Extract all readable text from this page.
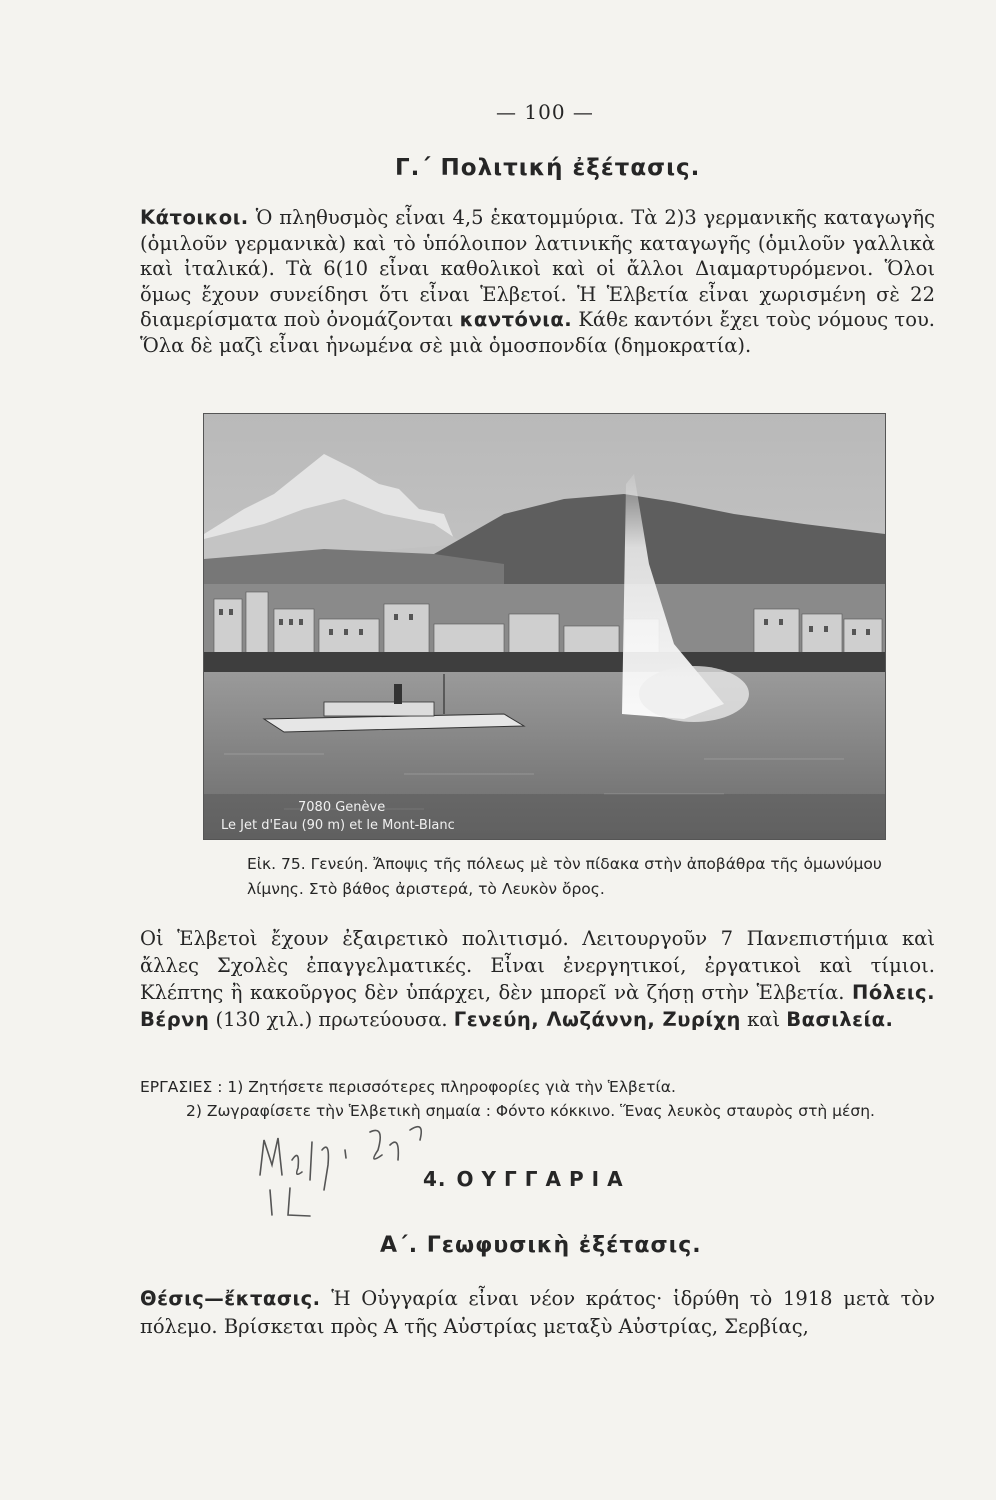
— 100 —
Γ.΄ Πολιτική ἐξέτασις.

Κάτοικοι. Ὁ πληθυσμὸς εἶναι 4,5 ἑκατομμύρια. Τὰ 2)3 γερμανικῆς καταγωγῆς (ὁμιλοῦν γερμανικὰ) καὶ τὸ ὑπόλοιπον λατινικῆς καταγωγῆς (ὁμιλοῦν γαλλικὰ καὶ ἰταλικά). Τὰ 6(10 εἶναι καθολικοὶ καὶ οἱ ἄλλοι Διαμαρτυρόμενοι. Ὅλοι ὅμως ἔχουν συνείδησι ὅτι εἶναι Ἑλβετοί. Ἡ Ἑλβετία εἶναι χωρισμένη σὲ 22 διαμερίσματα ποὺ ὀνομάζονται καντόνια. Κάθε καντόνι ἔχει τοὺς νόμους του. Ὅλα δὲ μαζὶ εἶναι ἡνωμένα σὲ μιὰ ὁμοσπονδία (δημοκρατία).

7080 Genève
Le Jet d'Eau (90 m) et le Mont-Blanc

Εἰκ. 75. Γενεύη. Ἄποψις τῆς πόλεως μὲ τὸν πίδακα στὴν ἀποβάθρα τῆς ὁμωνύμου λίμνης. Στὸ βάθος ἀριστερά, τὸ Λευκὸν ὄρος.

Οἱ Ἑλβετοὶ ἔχουν ἐξαιρετικὸ πολιτισμό. Λειτουργοῦν 7 Πανεπιστήμια καὶ ἄλλες Σχολὲς ἐπαγγελματικές. Εἶναι ἐνεργητικοί, ἐργατικοὶ καὶ τίμιοι. Κλέπτης ἢ κακοῦργος δὲν ὑπάρχει, δὲν μπορεῖ νὰ ζήσῃ στὴν Ἑλβετία. Πόλεις. Βέρνη (130 χιλ.) πρωτεύουσα. Γενεύη, Λωζάννη, Ζυρίχη καὶ Βασιλεία.

ΕΡΓΑΣΙΕΣ : 1) Ζητήσετε περισσότερες πληροφορίες γιὰ τὴν Ἑλβετία.
2) Ζωγραφίσετε τὴν Ἑλβετικὴ σημαία : Φόντο κόκκινο. Ἕνας λευκὸς σταυρὸς στὴ μέση.

4. ΟΥΓΓΑΡΙΑ
Α΄. Γεωφυσικὴ ἐξέτασις.

Θέσις—ἔκτασις. Ἡ Οὐγγαρία εἶναι νέον κράτος· ἱδρύθη τὸ 1918 μετὰ τὸν πόλεμο. Βρίσκεται πρὸς Α τῆς Αὐστρίας μεταξὺ Αὐστρίας, Σερβίας,
